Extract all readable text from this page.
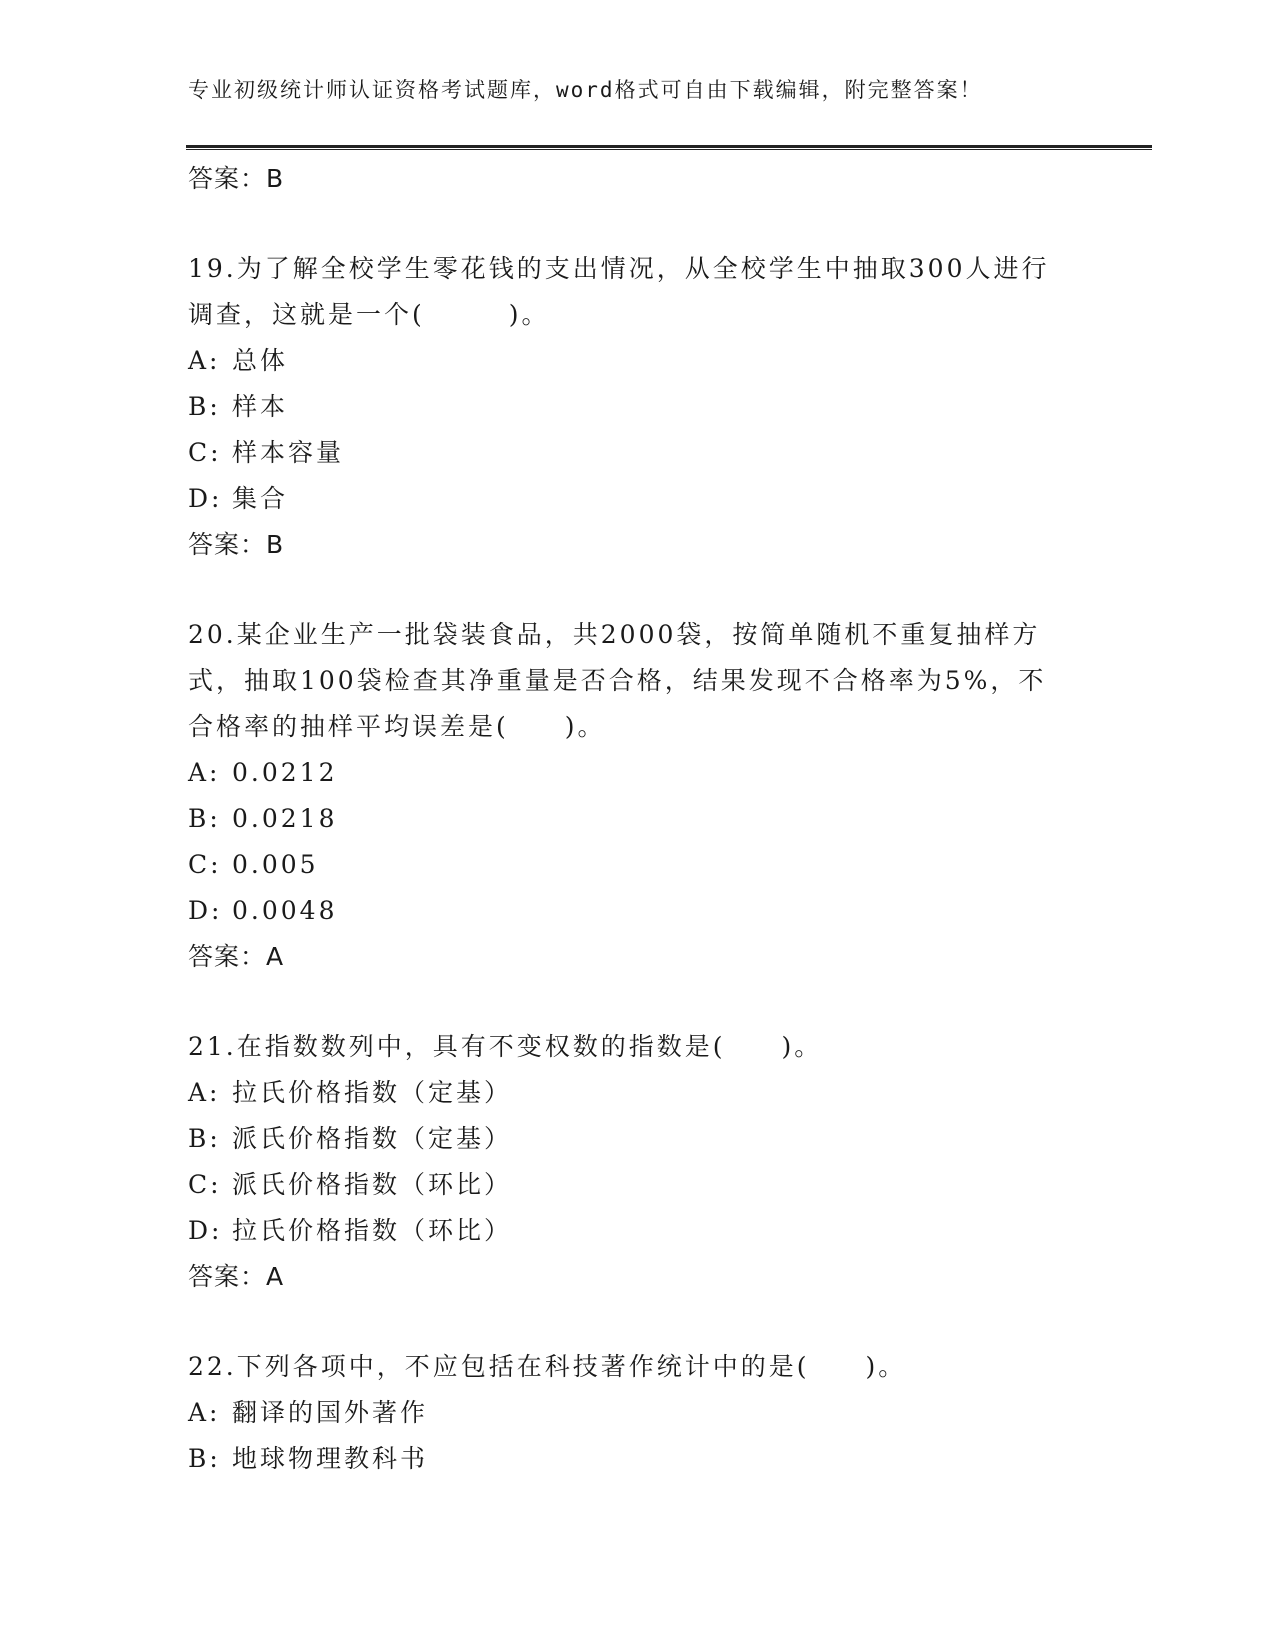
专业初级统计师认证资格考试题库，word格式可自由下载编辑，附完整答案！
答案：B
19.为了解全校学生零花钱的支出情况，从全校学生中抽取300人进行
调查，这就是一个(　　　)。
A: 总体
B: 样本
C: 样本容量
D: 集合
答案：B
20.某企业生产一批袋装食品，共2000袋，按简单随机不重复抽样方
式，抽取100袋检查其净重量是否合格，结果发现不合格率为5%，不
合格率的抽样平均误差是(　　)。
A: 0.0212
B: 0.0218
C: 0.005
D: 0.0048
答案：A
21.在指数数列中，具有不变权数的指数是(　　)。
A: 拉氏价格指数（定基）
B: 派氏价格指数（定基）
C: 派氏价格指数（环比）
D: 拉氏价格指数（环比）
答案：A
22.下列各项中，不应包括在科技著作统计中的是(　　)。
A: 翻译的国外著作
B: 地球物理教科书
